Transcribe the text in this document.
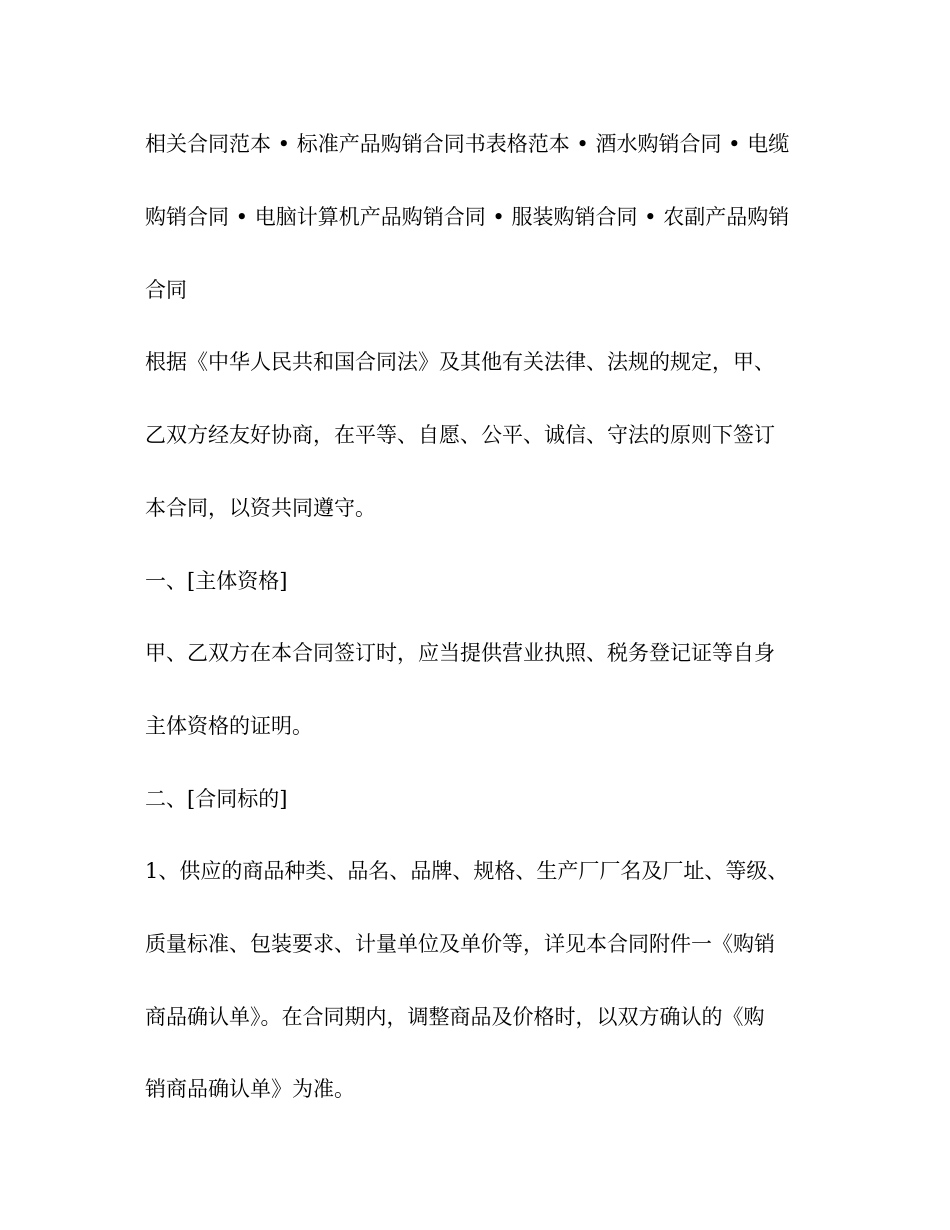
相关合同范本 • 标准产品购销合同书表格范本 • 酒水购销合同 • 电缆
购销合同 • 电脑计算机产品购销合同 • 服装购销合同 • 农副产品购销
合同
根据《中华人民共和国合同法》及其他有关法律、法规的规定，甲、
乙双方经友好协商，在平等、自愿、公平、诚信、守法的原则下签订
本合同，以资共同遵守。
一、[主体资格]
甲、乙双方在本合同签订时，应当提供营业执照、税务登记证等自身
主体资格的证明。
二、[合同标的]
1、供应的商品种类、品名、品牌、规格、生产厂厂名及厂址、等级、
质量标准、包装要求、计量单位及单价等，详见本合同附件一《购销
商品确认单》。在合同期内，调整商品及价格时，以双方确认的《购
销商品确认单》为准。
